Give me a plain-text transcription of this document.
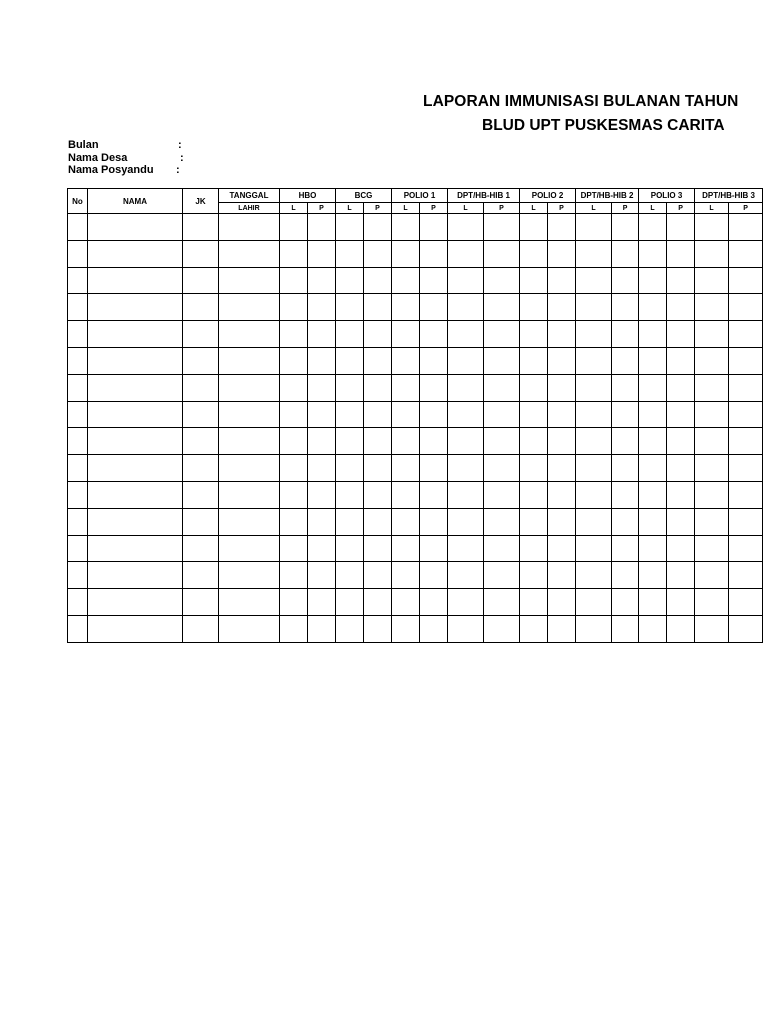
LAPORAN IMMUNISASI BULANAN TAHUN
BLUD UPT PUSKESMAS CARITA
Bulan	:
Nama Desa	:
Nama Posyandu :
No	NAMA	JK	TANGGAL	HBO		BCG		POLIO 1		DPT/HB-HIB 1		POLIO 2		DPT/HB-HIB 2		POLIO 3		DPT/HB-HIB 3	
			LAHIR	L	P	L	P	L	P	L	P	L	P	L	P	L	P	L	P
